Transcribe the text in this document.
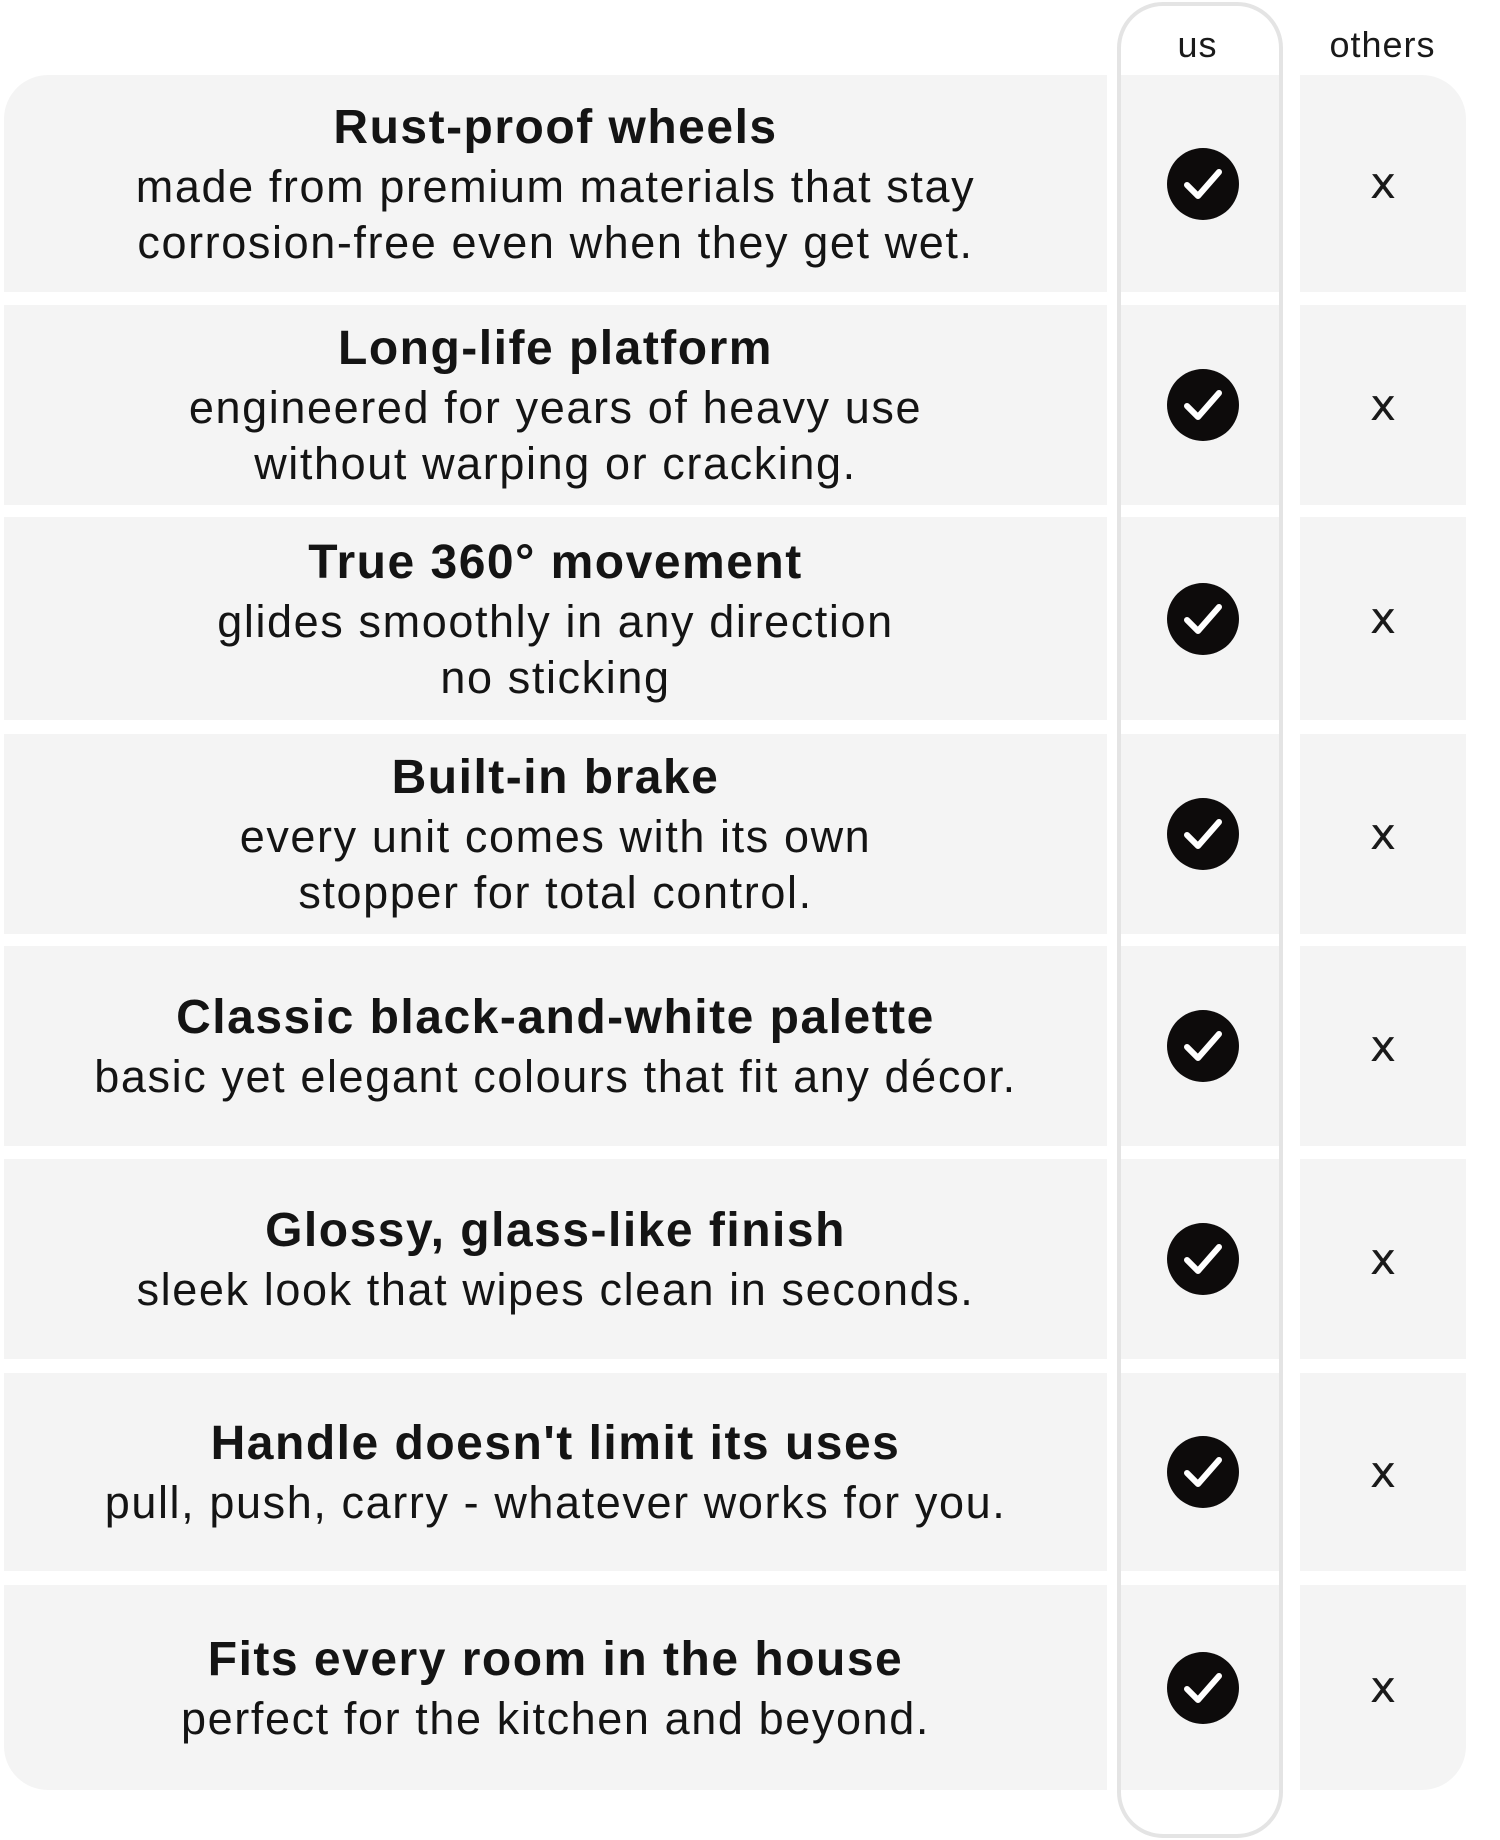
us	others
Rust-proof wheels
made from premium materials that stay
corrosion-free even when they get wet.
x
Long-life platform
engineered for years of heavy use
without warping or cracking.
x
True 360° movement
glides smoothly in any direction
no sticking
x
Built-in brake
every unit comes with its own
stopper for total control.
x
Classic black-and-white palette
basic yet elegant colours that fit any décor.
x
Glossy, glass-like finish
sleek look that wipes clean in seconds.
x
Handle doesn't limit its uses
pull, push, carry - whatever works for you.
x
Fits every room in the house
perfect for the kitchen and beyond.
x
